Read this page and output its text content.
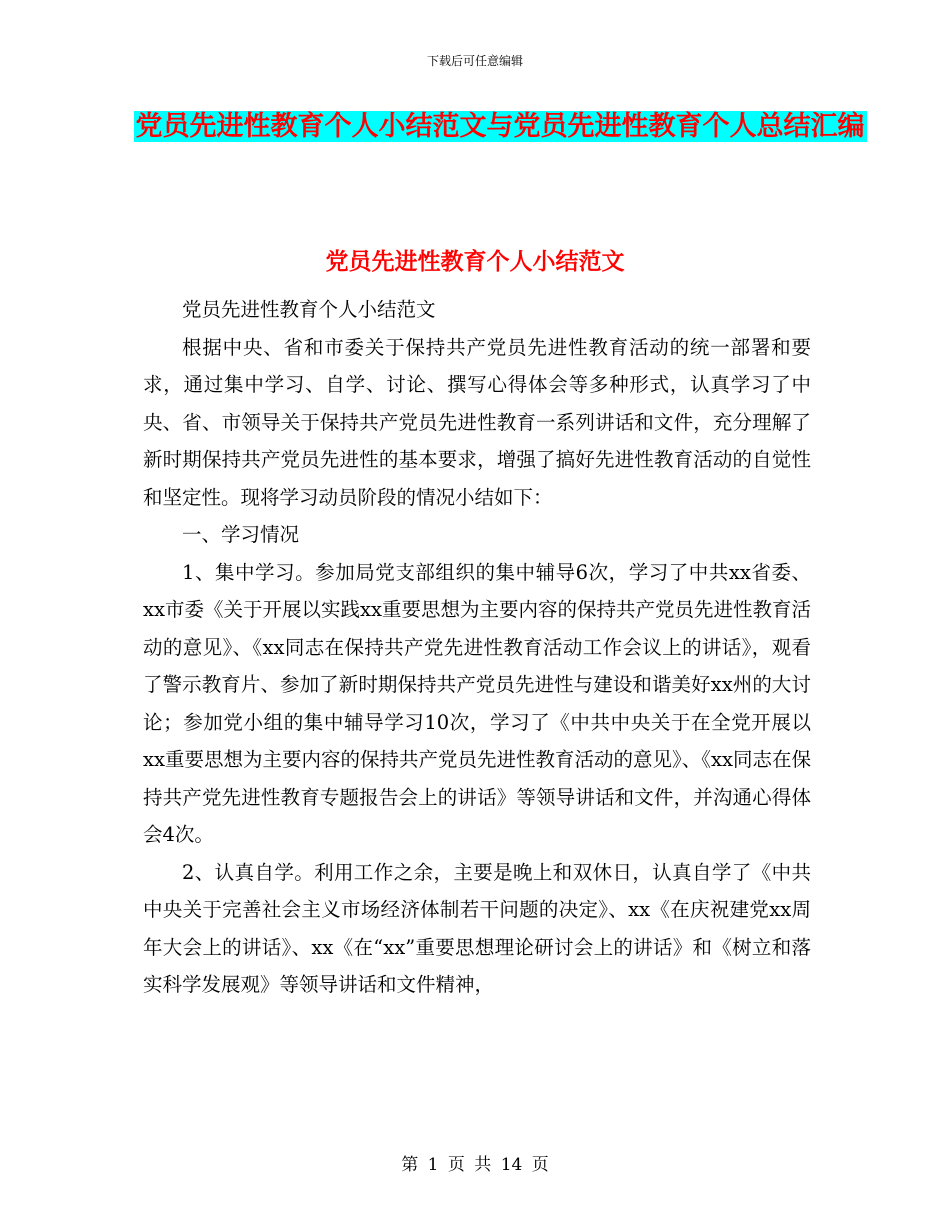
下载后可任意编辑
党员先进性教育个人小结范文与党员先进性教育个人总结汇编
党员先进性教育个人小结范文

党员先进性教育个人小结范文

根据中央、省和市委关于保持共产党员先进性教育活动的统一部署和要求，通过集中学习、自学、讨论、撰写心得体会等多种形式，认真学习了中央、省、市领导关于保持共产党员先进性教育一系列讲话和文件，充分理解了新时期保持共产党员先进性的基本要求，增强了搞好先进性教育活动的自觉性和坚定性。现将学习动员阶段的情况小结如下：

一、学习情况

1、集中学习。参加局党支部组织的集中辅导6次，学习了中共xx省委、xx市委《关于开展以实践xx重要思想为主要内容的保持共产党员先进性教育活动的意见》、《xx同志在保持共产党先进性教育活动工作会议上的讲话》，观看了警示教育片、参加了新时期保持共产党员先进性与建设和谐美好xx州的大讨论；参加党小组的集中辅导学习10次，学习了《中共中央关于在全党开展以xx重要思想为主要内容的保持共产党员先进性教育活动的意见》、《xx同志在保持共产党先进性教育专题报告会上的讲话》等领导讲话和文件，并沟通心得体会4次。

2、认真自学。利用工作之余，主要是晚上和双休日，认真自学了《中共中央关于完善社会主义市场经济体制若干问题的决定》、xx《在庆祝建党xx周年大会上的讲话》、xx《在“xx”重要思想理论研讨会上的讲话》和《树立和落实科学发展观》等领导讲话和文件精神，

第 1 页 共 14 页
